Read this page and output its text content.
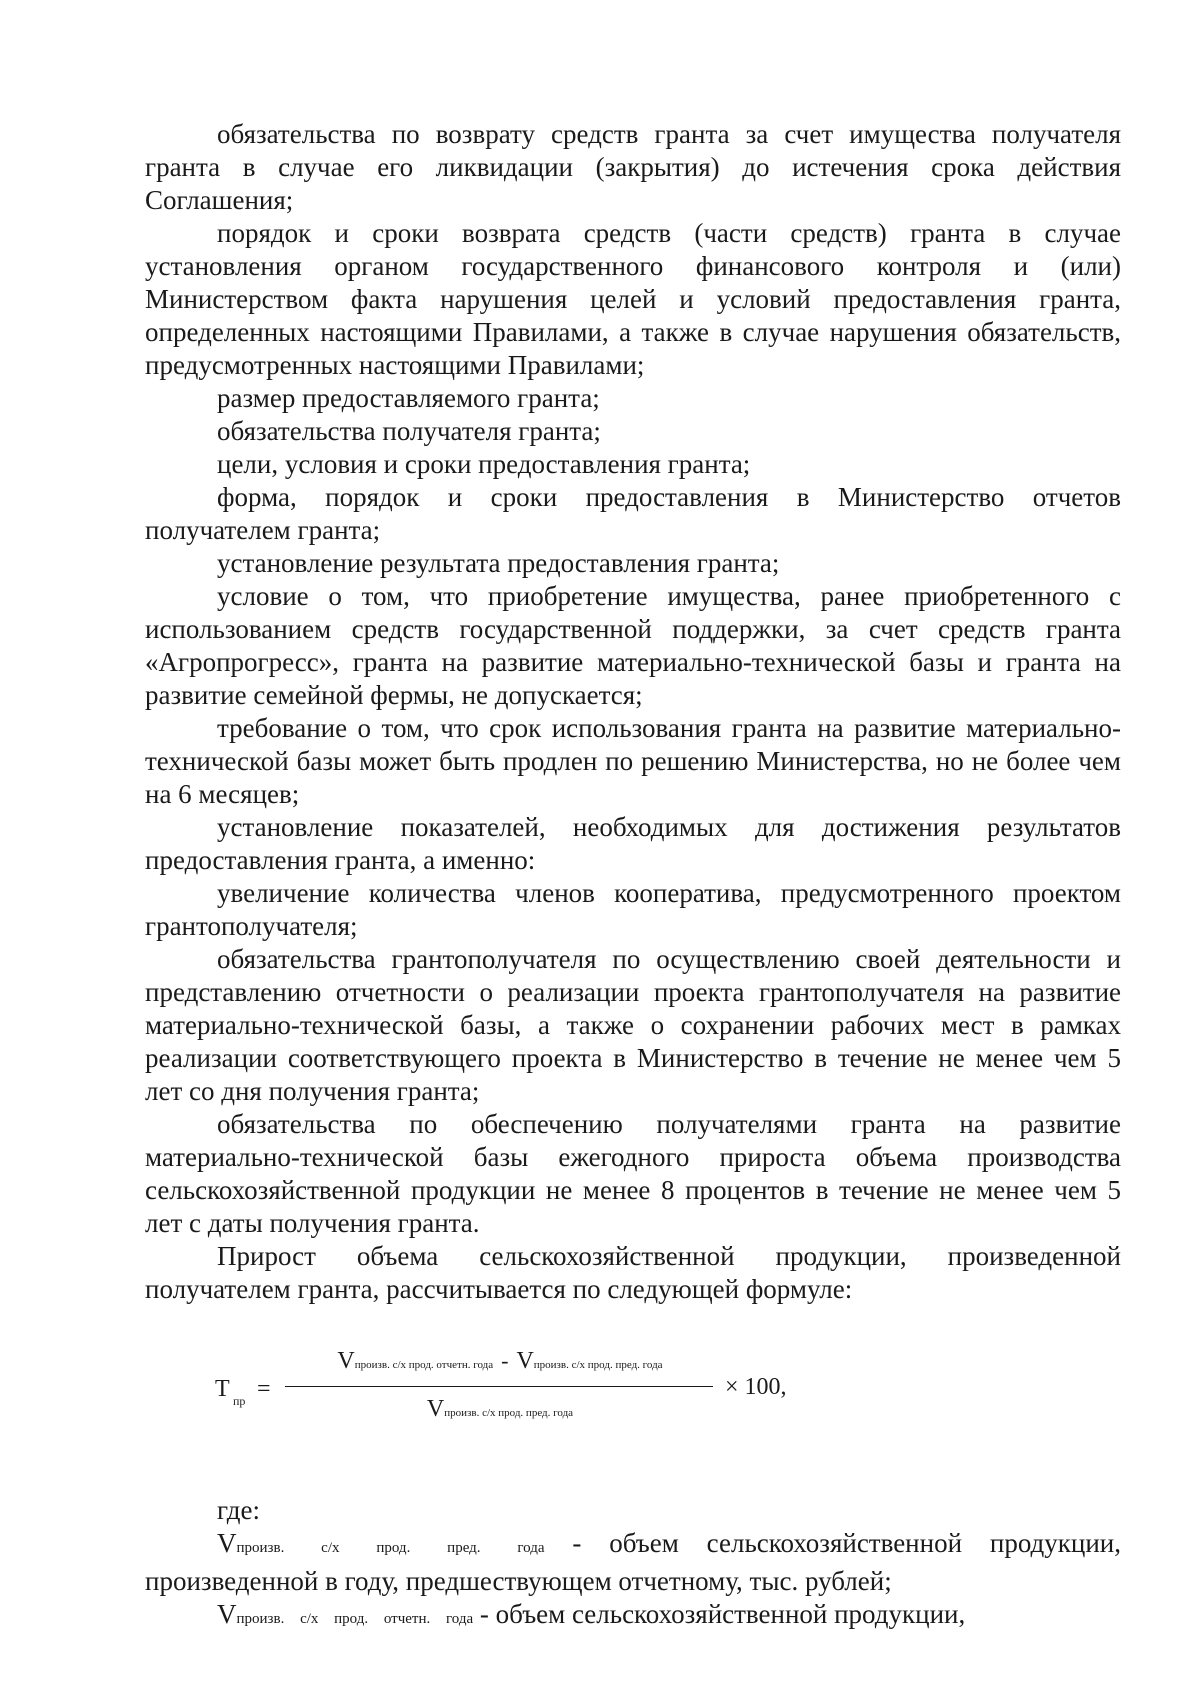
обязательства по возврату средств гранта за счет имущества получателя гранта в случае его ликвидации (закрытия) до истечения срока действия Соглашения;

порядок и сроки возврата средств (части средств) гранта в случае установления органом государственного финансового контроля и (или) Министерством факта нарушения целей и условий предоставления гранта, определенных настоящими Правилами, а также в случае нарушения обязательств, предусмотренных настоящими Правилами;

размер предоставляемого гранта;

обязательства получателя гранта;

цели, условия и сроки предоставления гранта;

форма, порядок и сроки предоставления в Министерство отчетов получателем гранта;

установление результата предоставления гранта;

условие о том, что приобретение имущества, ранее приобретенного с использованием средств государственной поддержки, за счет средств гранта «Агропрогресс», гранта на развитие материально-технической базы и гранта на развитие семейной фермы, не допускается;

требование о том, что срок использования гранта на развитие материально-технической базы может быть продлен по решению Министерства, но не более чем на 6 месяцев;

установление показателей, необходимых для достижения результатов предоставления гранта, а именно:

увеличение количества членов кооператива, предусмотренного проектом грантополучателя;

обязательства грантополучателя по осуществлению своей деятельности и представлению отчетности о реализации проекта грантополучателя на развитие материально-технической базы, а также о сохранении рабочих мест в рамках реализации соответствующего проекта в Министерство в течение не менее чем 5 лет со дня получения гранта;

обязательства по обеспечению получателями гранта на развитие материально-технической базы ежегодного прироста объема производства сельскохозяйственной продукции не менее 8 процентов в течение не менее чем 5 лет с даты получения гранта.

Прирост объема сельскохозяйственной продукции, произведенной получателем гранта, рассчитывается по следующей формуле:

T пр =
Vпроизв. с/х прод. отчетн. года - Vпроизв. с/х прод. пред. года
Vпроизв. с/х прод. пред. года
× 100,

где:

Vпроизв. с/х прод. пред. года - объем сельскохозяйственной продукции, произведенной в году, предшествующем отчетному, тыс. рублей;

Vпроизв. с/х прод. отчетн. года - объем сельскохозяйственной продукции,
